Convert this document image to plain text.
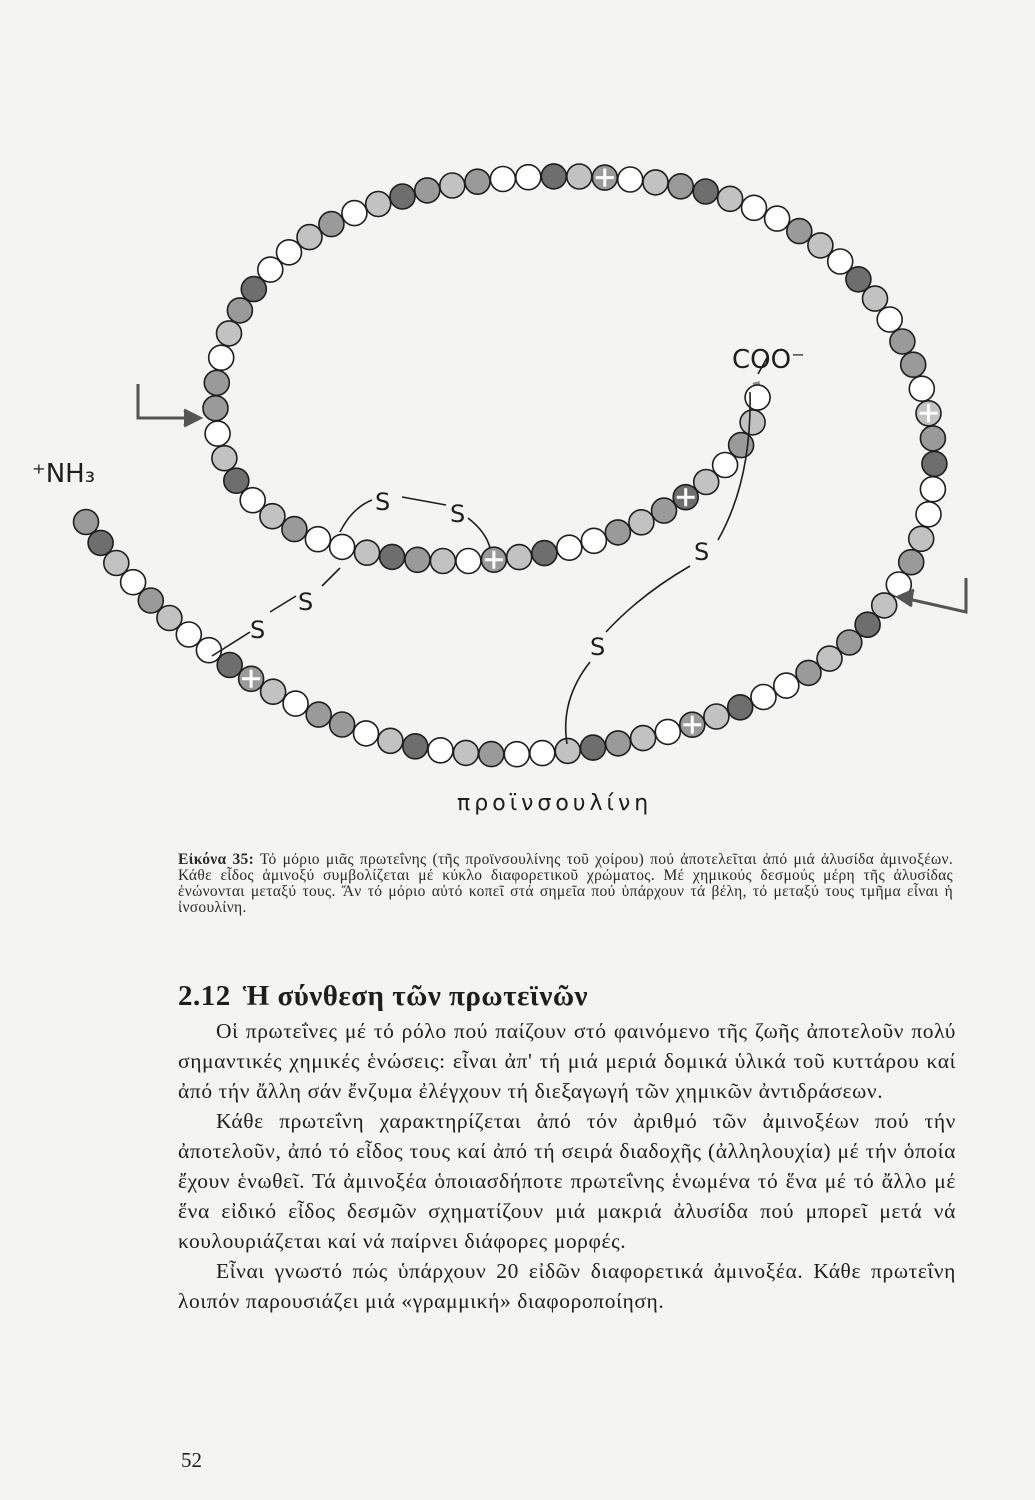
COO⁻
⁺NH₃
S S
S
S
S
S
προϊνσουλίνη
Εἰκόνα 35: Τό μόριο μιᾶς πρωτεΐνης (τῆς προϊνσουλίνης τοῦ χοίρου) πού ἀποτελεῖται ἀπό μιά ἀλυσίδα ἀμινοξέων. Κάθε εἶδος ἀμινοξύ συμβολίζεται μέ κύκλο διαφορετικοῦ χρώματος. Μέ χημικούς δεσμούς μέρη τῆς ἀλυσίδας ἑνώνονται μεταξύ τους. Ἄν τό μόριο αὐτό κοπεῖ στά σημεῖα πού ὑπάρχουν τά βέλη, τό μεταξύ τους τμῆμα εἶναι ἡ ἰνσουλίνη.
2.12 Ἡ σύνθεση τῶν πρωτεϊνῶν

Οἱ πρωτεΐνες μέ τό ρόλο πού παίζουν στό φαινόμενο τῆς ζωῆς ἀποτελοῦν πολύ σημαντικές χημικές ἑνώσεις: εἶναι ἀπ' τή μιά μεριά δομικά ὑλικά τοῦ κυττάρου καί ἀπό τήν ἄλλη σάν ἔνζυμα ἐλέγχουν τή διεξαγωγή τῶν χημικῶν ἀντιδράσεων.

Κάθε πρωτεΐνη χαρακτηρίζεται ἀπό τόν ἀριθμό τῶν ἀμινοξέων πού τήν ἀποτελοῦν, ἀπό τό εἶδος τους καί ἀπό τή σειρά διαδοχῆς (ἀλληλουχία) μέ τήν ὁποία ἔχουν ἑνωθεῖ. Τά ἀμινοξέα ὁποιασδήποτε πρωτεΐνης ἑνωμένα τό ἕνα μέ τό ἄλλο μέ ἕνα εἰδικό εἶδος δεσμῶν σχηματίζουν μιά μακριά ἀλυσίδα πού μπορεῖ μετά νά κουλουριάζεται καί νά παίρνει διάφορες μορφές.

Εἶναι γνωστό πώς ὑπάρχουν 20 εἰδῶν διαφορετικά ἀμινοξέα. Κάθε πρωτεΐνη λοιπόν παρουσιάζει μιά «γραμμική» διαφοροποίηση.

52
